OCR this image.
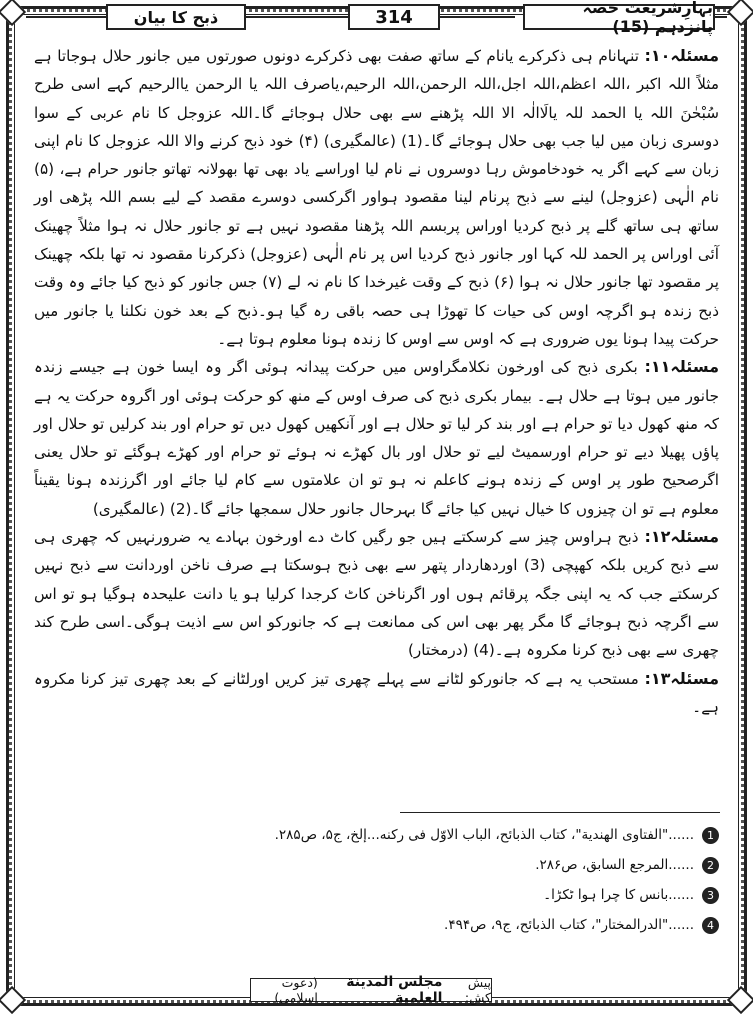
ذبح کا بیان	314	بہارِشریعت حصہ پانزدہم (15)

مسئلہ۱۰: تنہانام ہی ذکرکرے یانام کے ساتھ صفت بھی ذکرکرے دونوں صورتوں میں جانور حلال ہوجاتا ہے مثلاً اللہ اکبر ،اللہ اعظم،اللہ اجل،اللہ الرحمن،اللہ الرحیم،یاصرف اللہ یا الرحمن یاالرحیم کہے اسی طرح سُبْحٰنَ اللہ یا الحمد للہ یالَاالٰہ الا اللہ پڑھنے سے بھی حلال ہوجائے گا۔اللہ عزوجل کا نام عربی کے سوا دوسری زبان میں لیا جب بھی حلال ہوجائے گا۔(1) (عالمگیری) (۴) خود ذبح کرنے والا اللہ عزوجل کا نام اپنی زبان سے کہے اگر یہ خودخاموش رہا دوسروں نے نام لیا اوراسے یاد بھی تھا بھولانہ تھاتو جانور حرام ہے، (۵) نام الٰہی (عزوجل) لینے سے ذبح پرنام لینا مقصود ہواور اگرکسی دوسرے مقصد کے لیے بسم اللہ پڑھی اور ساتھ ہی ساتھ گلے پر ذبح کردیا اوراس پربسم اللہ پڑھنا مقصود نہیں ہے تو جانور حلال نہ ہوا مثلاً چھینک آئی اوراس پر الحمد للہ کہا اور جانور ذبح کردیا اس پر نام الٰہی (عزوجل) ذکرکرنا مقصود نہ تھا بلکہ چھینک پر مقصود تھا جانور حلال نہ ہوا (۶) ذبح کے وقت غیرخدا کا نام نہ لے (۷) جس جانور کو ذبح کیا جائے وہ وقت ذبح زندہ ہو اگرچہ اوس کی حیات کا تھوڑا ہی حصہ باقی رہ گیا ہو۔ذبح کے بعد خون نکلنا یا جانور میں حرکت پیدا ہونا یوں ضروری ہے کہ اوس سے اوس کا زندہ ہونا معلوم ہوتا ہے۔

مسئلہ۱۱: بکری ذبح کی اورخون نکلامگراوس میں حرکت پیدانہ ہوئی اگر وہ ایسا خون ہے جیسے زندہ جانور میں ہوتا ہے حلال ہے۔ بیمار بکری ذبح کی صرف اوس کے منھ کو حرکت ہوئی اور اگروہ حرکت یہ ہے کہ منھ کھول دیا تو حرام ہے اور بند کر لیا تو حلال ہے اور آنکھیں کھول دیں تو حرام اور بند کرلیں تو حلال اور پاؤں پھیلا دیے تو حرام اورسمیٹ لیے تو حلال اور بال کھڑے نہ ہوئے تو حرام اور کھڑے ہوگئے تو حلال یعنی اگرصحیح طور پر اوس کے زندہ ہونے کاعلم نہ ہو تو ان علامتوں سے کام لیا جائے اور اگرزندہ ہونا یقیناً معلوم ہے تو ان چیزوں کا خیال نہیں کیا جائے گا بہرحال جانور حلال سمجھا جائے گا۔(2) (عالمگیری)

مسئلہ۱۲: ذبح ہراوس چیز سے کرسکتے ہیں جو رگیں کاٹ دے اورخون بہادے یہ ضرورنہیں کہ چھری ہی سے ذبح کریں بلکہ کھپچی (3) اوردھاردار پتھر سے بھی ذبح ہوسکتا ہے صرف ناخن اوردانت سے ذبح نہیں کرسکتے جب کہ یہ اپنی جگہ پرقائم ہوں اور اگرناخن کاٹ کرجدا کرلیا ہو یا دانت علیحدہ ہوگیا ہو تو اس سے اگرچہ ذبح ہوجائے گا مگر پھر بھی اس کی ممانعت ہے کہ جانورکو اس سے اذیت ہوگی۔اسی طرح کند چھری سے بھی ذبح کرنا مکروہ ہے۔(4) (درمختار)

مسئلہ۱۳: مستحب یہ ہے کہ جانورکو لٹانے سے پہلے چھری تیز کریں اورلٹانے کے بعد چھری تیز کرنا مکروہ ہے۔

1
......"الفتاوی الهندیة"، کتاب الذبائح، الباب الاوّل فی رکنه...إلخ، ج۵، ص۲۸۵.
2
......المرجع السابق، ص۲۸۶.
3
......بانس کا چرا ہوا ٹکڑا۔
4
......"الدرالمختار"، کتاب الذبائح، ج۹، ص۴۹۴.
پیش کش:
مجلس المدینة العلمیة
(دعوت اسلامی)
